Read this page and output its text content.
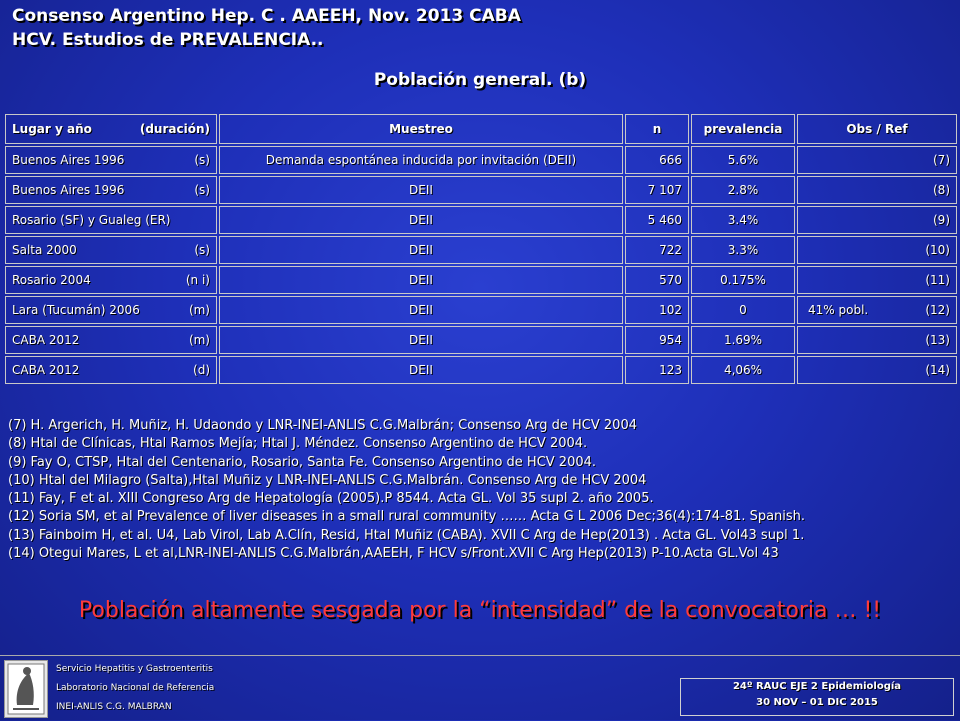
Consenso Argentino Hep. C . AAEEH, Nov. 2013 CABA
HCV. Estudios de PREVALENCIA..
Población general. (b)
Lugar y año (duración)	Muestreo	n	prevalencia	Obs / Ref

Buenos Aires 1996 (s)	Demanda espontánea inducida por invitación (DEII)	666	5.6%	(7)

Buenos Aires 1996 (s)	DEII	7 107	2.8%	(8)

Rosario (SF) y Gualeg (ER)	DEII	5 460	3.4%	(9)

Salta 2000 (s)	DEII	722	3.3%	(10)

Rosario 2004 (n i)	DEII	570	0.175%	(11)

Lara (Tucumán) 2006 (m)	DEII	102	0	41% pobl. (12)

CABA 2012 (m)	DEII	954	1.69%	(13)

CABA 2012 (d)	DEII	123	4,06%	(14)
(7) H. Argerich, H. Muñiz, H. Udaondo y LNR-INEI-ANLIS C.G.Malbrán; Consenso Arg de HCV 2004
(8) Htal de Clínicas, Htal Ramos Mejía; Htal J. Méndez. Consenso Argentino de HCV 2004.
(9) Fay O, CTSP, Htal del Centenario, Rosario, Santa Fe. Consenso Argentino de HCV 2004.
(10) Htal del Milagro (Salta),Htal Muñiz y LNR-INEI-ANLIS C.G.Malbrán. Consenso Arg de HCV 2004
(11) Fay, F et al. XIII Congreso Arg de Hepatología (2005).P 8544. Acta GL. Vol 35 supl 2. año 2005.
(12) Soria SM, et al Prevalence of liver diseases in a small rural community …… Acta G L 2006 Dec;36(4):174-81. Spanish.
(13) Fainboim H, et al. U4, Lab Virol, Lab A.Clín, Resid, Htal Muñiz (CABA). XVII C Arg de Hep(2013) . Acta GL. Vol43 supl 1.
(14) Otegui Mares, L et al,LNR-INEI-ANLIS C.G.Malbrán,AAEEH, F HCV s/Front.XVII C Arg Hep(2013) P-10.Acta GL.Vol 43
Población altamente sesgada por la “intensidad” de la convocatoria … !!
Servicio Hepatitis y Gastroenteritis
Laboratorio Nacional de Referencia
INEI-ANLIS C.G. MALBRAN
24º RAUC EJE 2 Epidemiología
30 NOV – 01 DIC 2015
